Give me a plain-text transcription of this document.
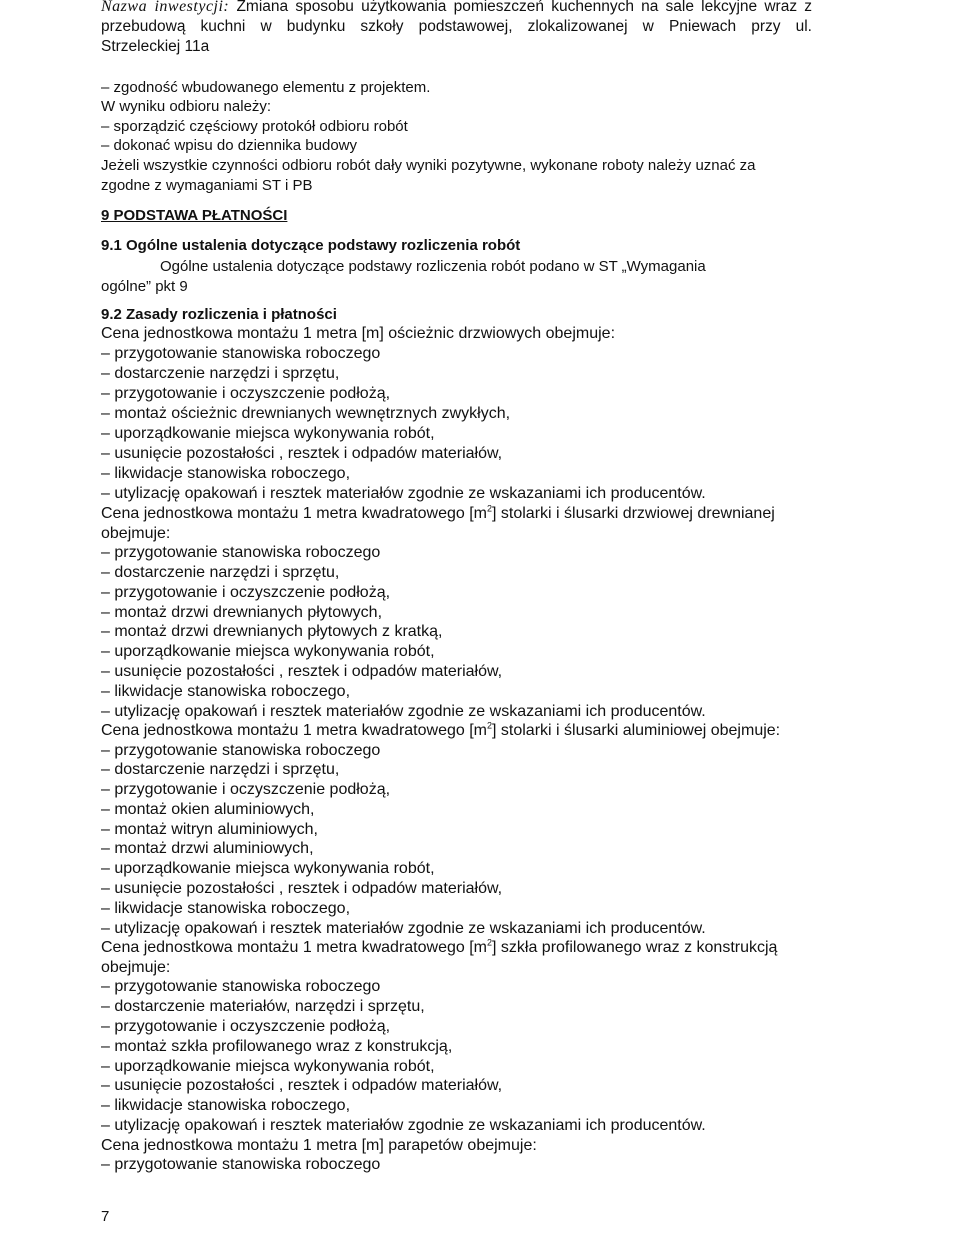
Nazwa inwestycji: Zmiana sposobu użytkowania pomieszczeń kuchennych na sale lekcyjne wraz z
przebudową kuchni w budynku szkoły podstawowej, zlokalizowanej w Pniewach przy ul.
Strzeleckiej 11a
– zgodność wbudowanego elementu z projektem.
W wyniku odbioru należy:
– sporządzić częściowy protokół odbioru robót
– dokonać wpisu do dziennika budowy
Jeżeli wszystkie czynności odbioru robót dały wyniki pozytywne, wykonane roboty należy uznać za
zgodne z wymaganiami ST i PB
9 PODSTAWA PŁATNOŚCI
9.1 Ogólne ustalenia dotyczące podstawy rozliczenia robót
Ogólne ustalenia dotyczące podstawy rozliczenia robót podano w ST „Wymagania
ogólne” pkt 9
9.2 Zasady rozliczenia i płatności
Cena jednostkowa montażu 1 metra [m] ościeżnic drzwiowych obejmuje:
– przygotowanie stanowiska roboczego
– dostarczenie narzędzi i sprzętu,
– przygotowanie i oczyszczenie podłożą,
– montaż ościeżnic drewnianych wewnętrznych zwykłych,
– uporządkowanie miejsca wykonywania robót,
– usunięcie pozostałości , resztek i odpadów materiałów,
– likwidacje stanowiska roboczego,
– utylizację opakowań i resztek materiałów zgodnie ze wskazaniami ich producentów.
Cena jednostkowa montażu 1 metra kwadratowego $[m^2]$ stolarki i ślusarki drzwiowej drewnianej
obejmuje:
– przygotowanie stanowiska roboczego
– dostarczenie narzędzi i sprzętu,
– przygotowanie i oczyszczenie podłożą,
– montaż drzwi drewnianych płytowych,
– montaż drzwi drewnianych płytowych z kratką,
– uporządkowanie miejsca wykonywania robót,
– usunięcie pozostałości , resztek i odpadów materiałów,
– likwidacje stanowiska roboczego,
– utylizację opakowań i resztek materiałów zgodnie ze wskazaniami ich producentów.
Cena jednostkowa montażu 1 metra kwadratowego $[m^2]$ stolarki i ślusarki aluminiowej obejmuje:
– przygotowanie stanowiska roboczego
– dostarczenie narzędzi i sprzętu,
– przygotowanie i oczyszczenie podłożą,
– montaż okien aluminiowych,
– montaż witryn aluminiowych,
– montaż drzwi aluminiowych,
– uporządkowanie miejsca wykonywania robót,
– usunięcie pozostałości , resztek i odpadów materiałów,
– likwidacje stanowiska roboczego,
– utylizację opakowań i resztek materiałów zgodnie ze wskazaniami ich producentów.
Cena jednostkowa montażu 1 metra kwadratowego $[m^2]$ szkła profilowanego wraz z konstrukcją
obejmuje:
– przygotowanie stanowiska roboczego
– dostarczenie materiałów, narzędzi i sprzętu,
– przygotowanie i oczyszczenie podłożą,
– montaż szkła profilowanego wraz z konstrukcją,
– uporządkowanie miejsca wykonywania robót,
– usunięcie pozostałości , resztek i odpadów materiałów,
– likwidacje stanowiska roboczego,
– utylizację opakowań i resztek materiałów zgodnie ze wskazaniami ich producentów.
Cena jednostkowa montażu 1 metra [m] parapetów obejmuje:
– przygotowanie stanowiska roboczego
7
